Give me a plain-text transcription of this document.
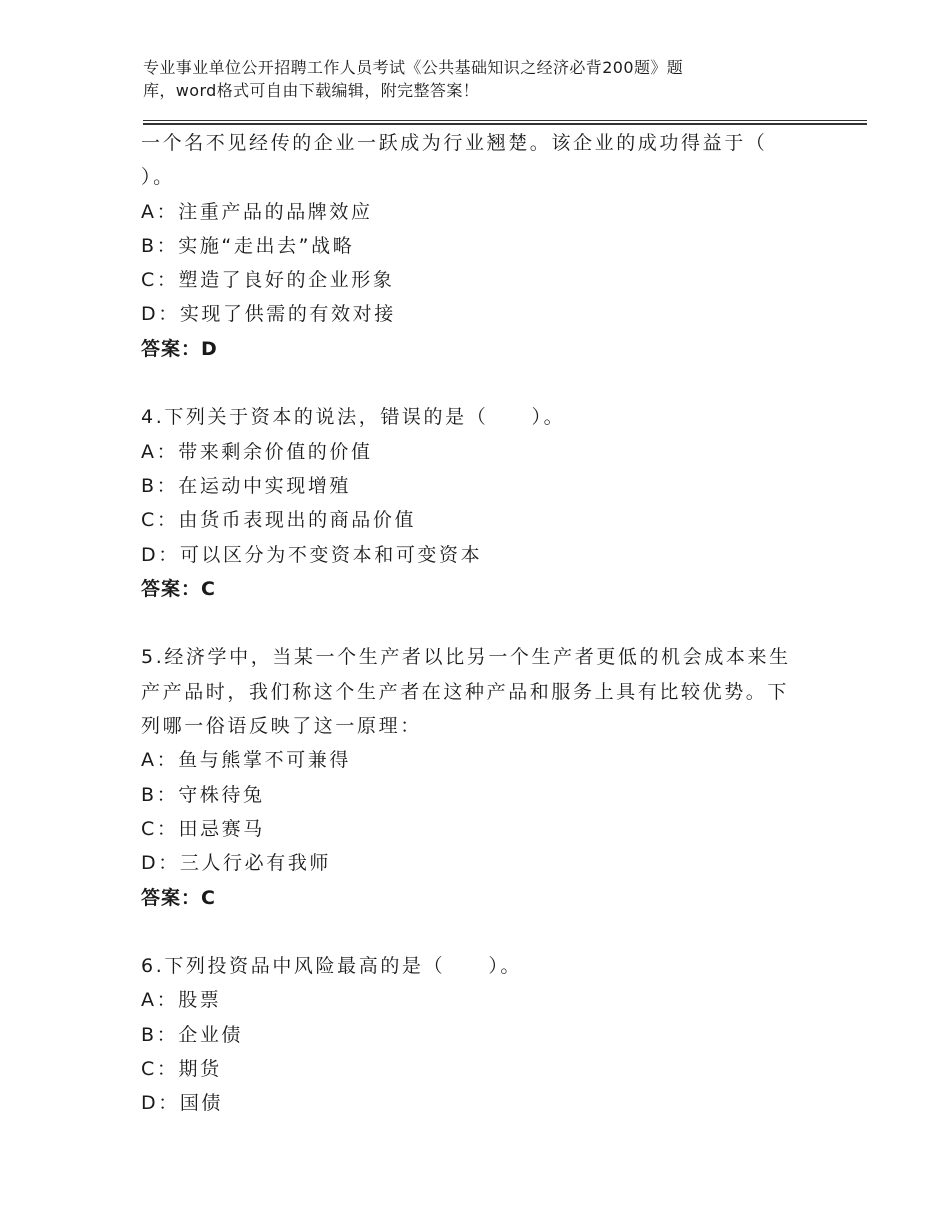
专业事业单位公开招聘工作人员考试《公共基础知识之经济必背200题》题
库，word格式可自由下载编辑，附完整答案！
一个名不见经传的企业一跃成为行业翘楚。该企业的成功得益于（
）。
A：注重产品的品牌效应
B：实施“走出去”战略
C：塑造了良好的企业形象
D：实现了供需的有效对接
答案：D
4.下列关于资本的说法，错误的是（　　）。
A：带来剩余价值的价值
B：在运动中实现增殖
C：由货币表现出的商品价值
D：可以区分为不变资本和可变资本
答案：C
5.经济学中，当某一个生产者以比另一个生产者更低的机会成本来生
产产品时，我们称这个生产者在这种产品和服务上具有比较优势。下
列哪一俗语反映了这一原理：
A：鱼与熊掌不可兼得
B：守株待兔
C：田忌赛马
D：三人行必有我师
答案：C
6.下列投资品中风险最高的是（　　）。
A：股票
B：企业债
C：期货
D：国债
